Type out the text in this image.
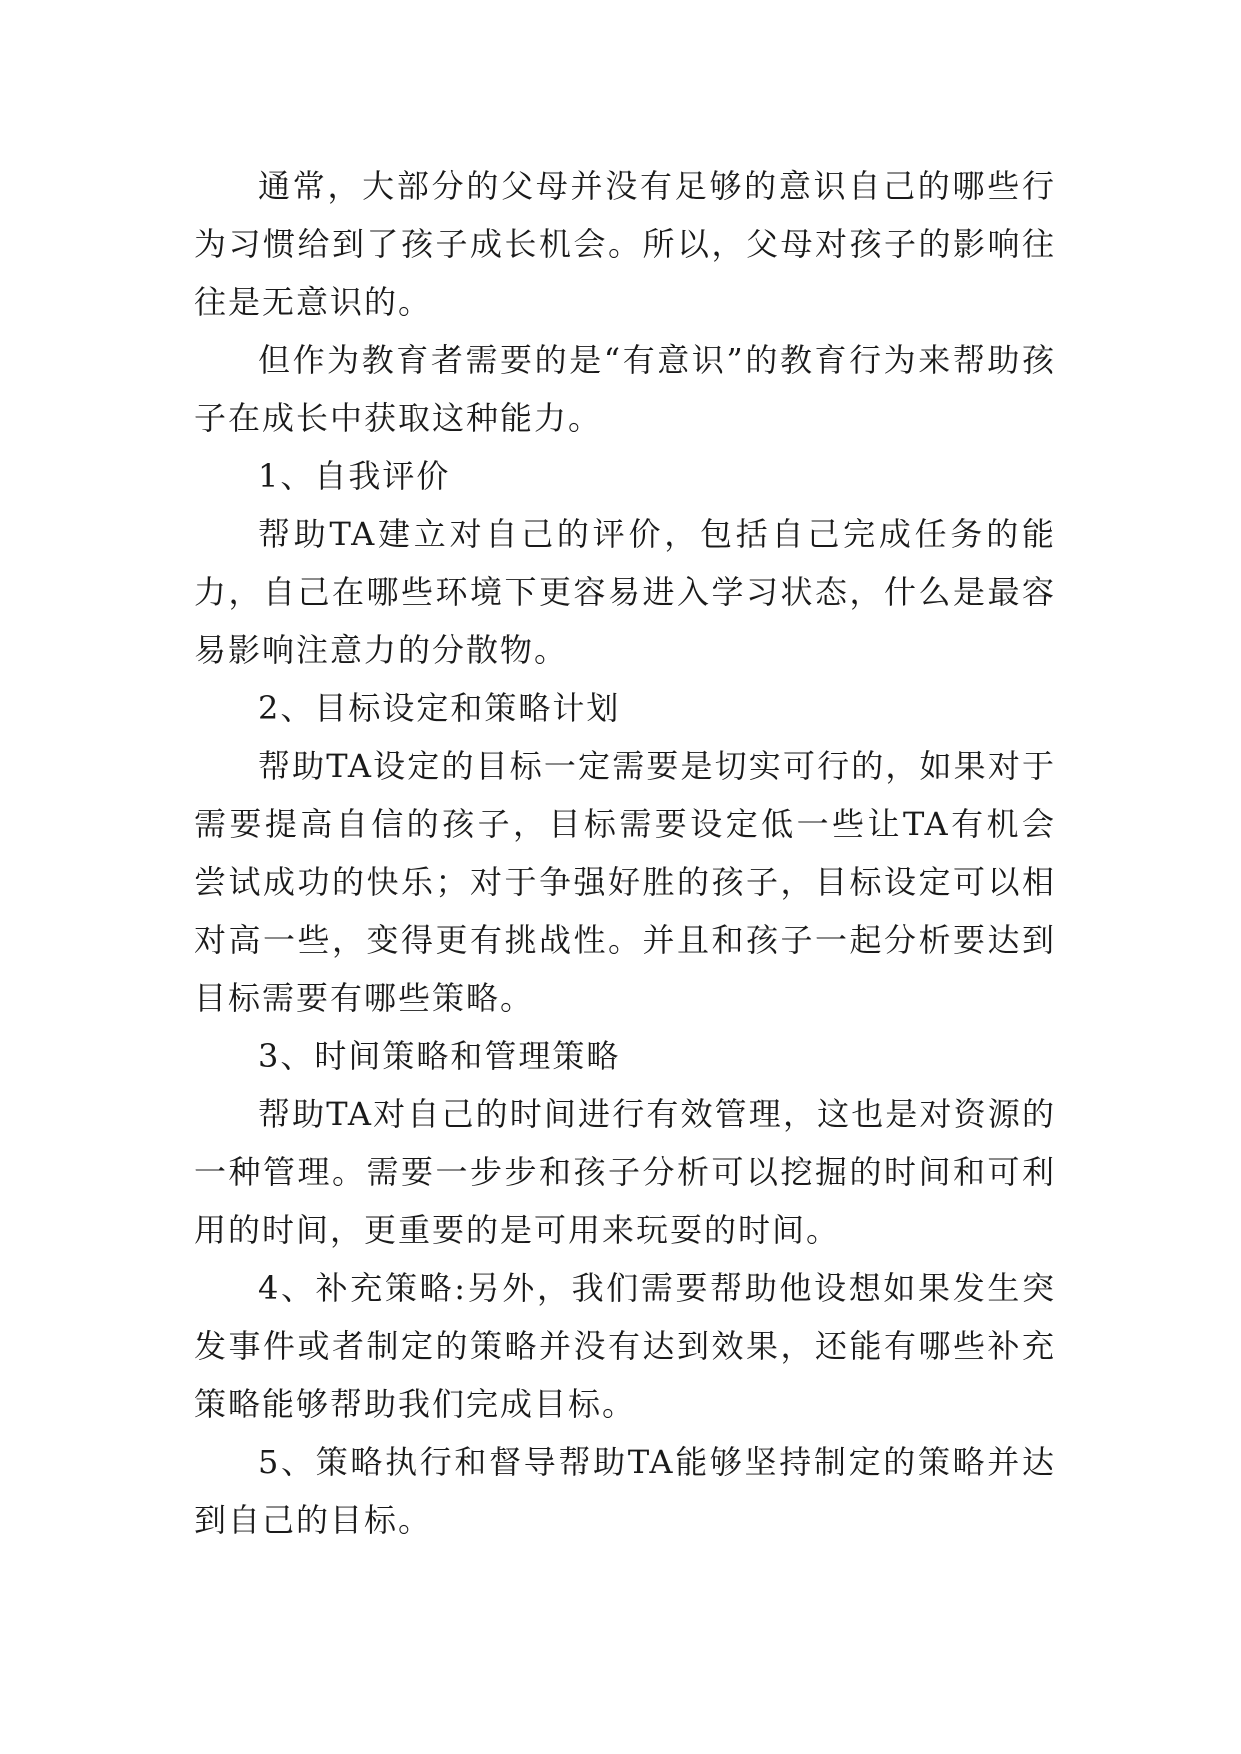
通常，大部分的父母并没有足够的意识自己的哪些行为习惯给到了孩子成长机会。所以，父母对孩子的影响往往是无意识的。

但作为教育者需要的是“有意识”的教育行为来帮助孩子在成长中获取这种能力。

1、自我评价

帮助TA建立对自己的评价，包括自己完成任务的能力，自己在哪些环境下更容易进入学习状态，什么是最容易影响注意力的分散物。

2、目标设定和策略计划

帮助TA设定的目标一定需要是切实可行的，如果对于需要提高自信的孩子，目标需要设定低一些让TA有机会尝试成功的快乐；对于争强好胜的孩子，目标设定可以相对高一些，变得更有挑战性。并且和孩子一起分析要达到目标需要有哪些策略。

3、时间策略和管理策略

帮助TA对自己的时间进行有效管理，这也是对资源的一种管理。需要一步步和孩子分析可以挖掘的时间和可利用的时间，更重要的是可用来玩耍的时间。

4、补充策略:另外，我们需要帮助他设想如果发生突发事件或者制定的策略并没有达到效果，还能有哪些补充策略能够帮助我们完成目标。

5、策略执行和督导帮助TA能够坚持制定的策略并达到自己的目标。
